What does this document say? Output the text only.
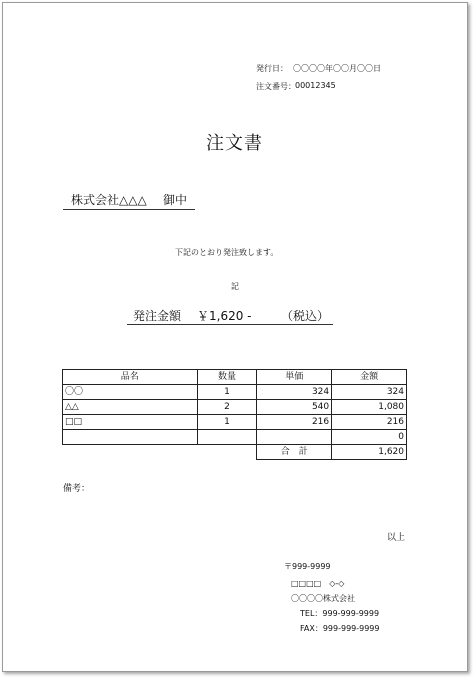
発行日： 〇〇〇〇年〇〇月〇〇日
注文番号： 00012345
注文書
株式会社△△△ 御中
下記のとおり発注致します。
記
発注金額 ￥1,620 - （税込）
品名	数量	単価	金額
〇〇	1	324	324
△△	2	540	1,080
□□	1	216	216
			0
		合　計	1,620
備考：
以上
〒999-9999
□□□□　◇-◇
〇〇〇〇株式会社
TEL：999-999-9999
FAX：999-999-9999
